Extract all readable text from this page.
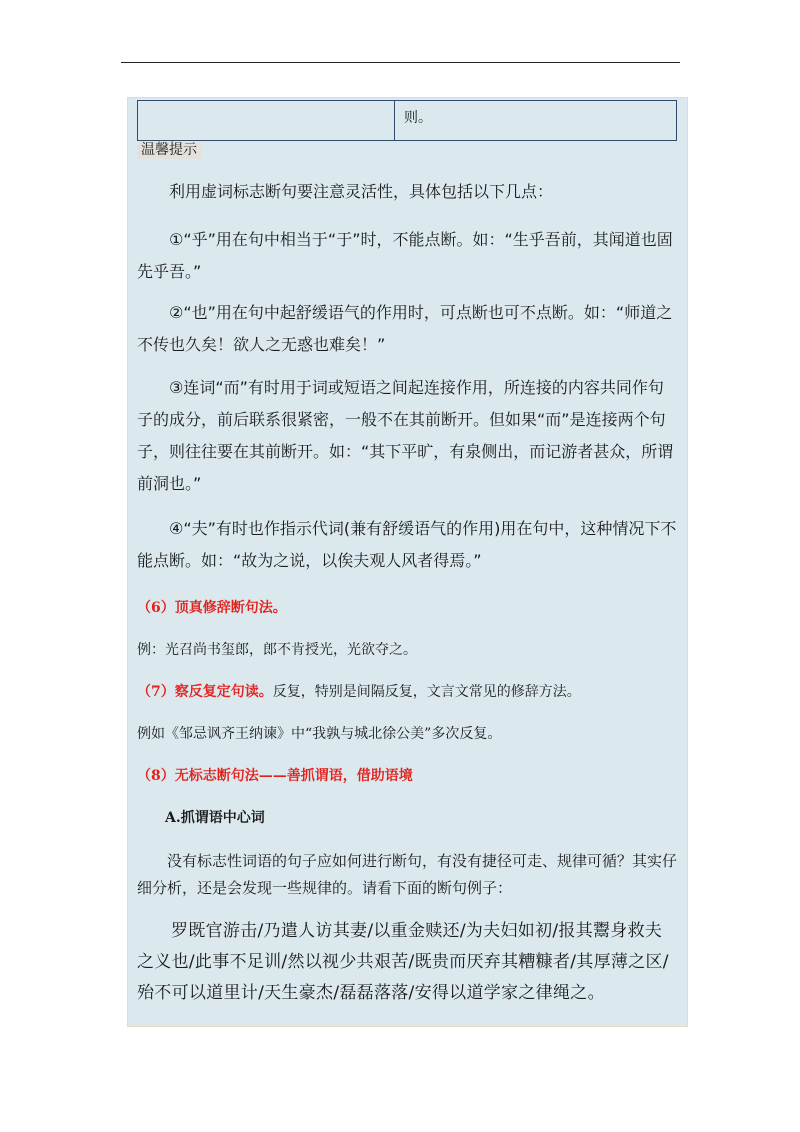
则。
温馨提示
利用虚词标志断句要注意灵活性，具体包括以下几点：
①“乎”用在句中相当于“于”时，不能点断。如：“生乎吾前，其闻道也固先乎吾。”
②“也”用在句中起舒缓语气的作用时，可点断也可不点断。如：“师道之不传也久矣！欲人之无惑也难矣！”
③连词“而”有时用于词或短语之间起连接作用，所连接的内容共同作句子的成分，前后联系很紧密，一般不在其前断开。但如果“而”是连接两个句子，则往往要在其前断开。如：“其下平旷，有泉侧出，而记游者甚众，所谓前洞也。”
④“夫”有时也作指示代词(兼有舒缓语气的作用)用在句中，这种情况下不能点断。如：“故为之说，以俟夫观人风者得焉。”
（6）顶真修辞断句法。
例：光召尚书玺郎，郎不肯授光，光欲夺之。
（7）察反复定句读。反复，特别是间隔反复，文言文常见的修辞方法。
例如《邹忌讽齐王纳谏》中“我孰与城北徐公美”多次反复。
（8）无标志断句法——善抓谓语，借助语境
A.抓谓语中心词
没有标志性词语的句子应如何进行断句，有没有捷径可走、规律可循？其实仔细分析，还是会发现一些规律的。请看下面的断句例子：
罗既官游击/乃遣人访其妻/以重金赎还/为夫妇如初/报其鬻身救夫之义也/此事不足训/然以视少共艰苦/既贵而厌弃其糟糠者/其厚薄之区/殆不可以道里计/天生豪杰/磊磊落落/安得以道学家之律绳之。
